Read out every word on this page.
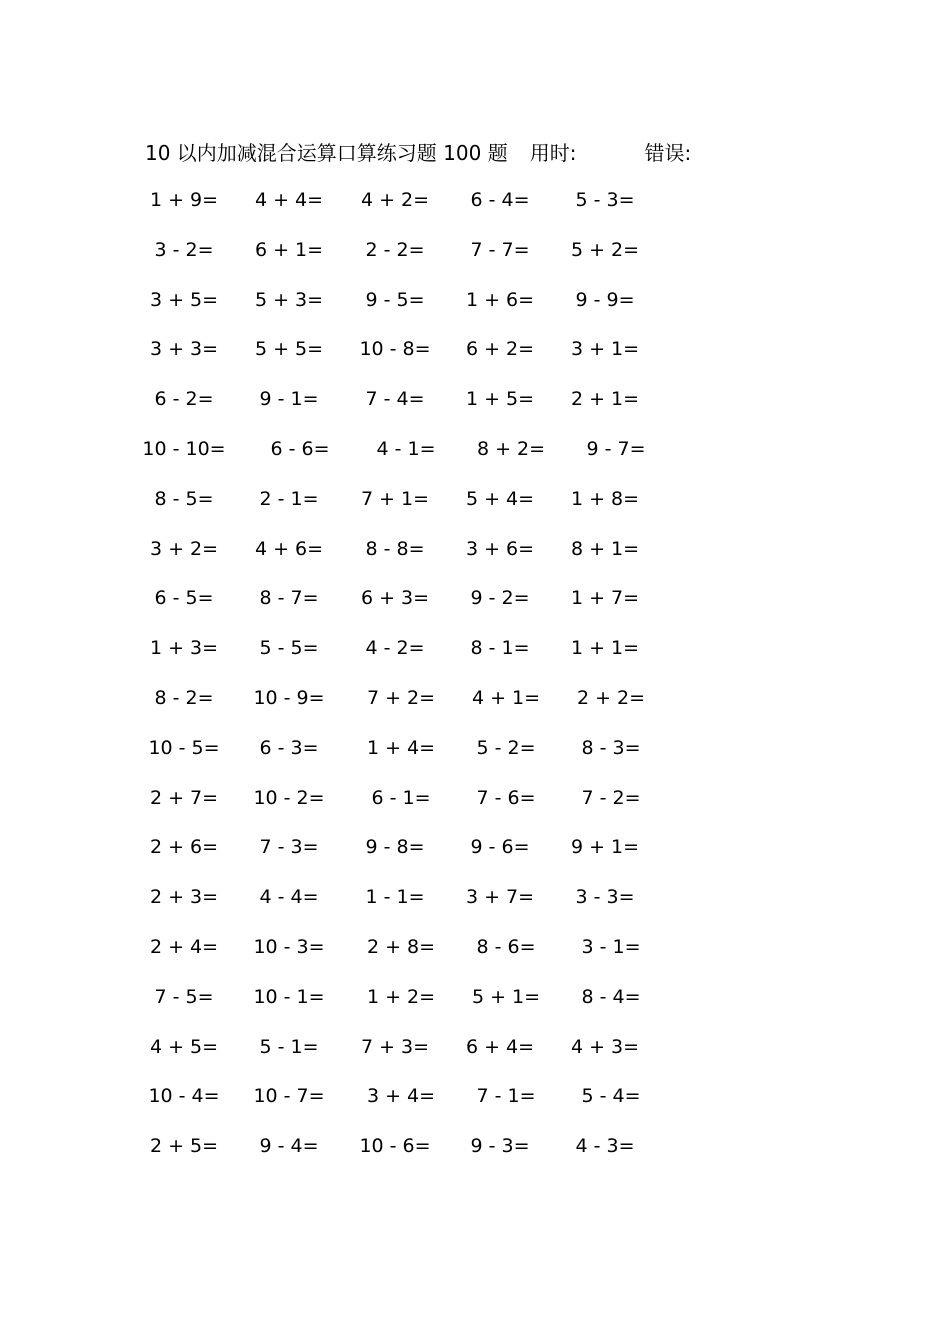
10 以内加减混合运算口算练习题 100 题 用时:	错误:
1 + 9= 4 + 4= 4 + 2= 6 - 4= 5 - 3=
3 - 2= 6 + 1= 2 - 2= 7 - 7= 5 + 2=
3 + 5= 5 + 3= 9 - 5= 1 + 6= 9 - 9=
3 + 3= 5 + 5= 10 - 8= 6 + 2= 3 + 1=
6 - 2= 9 - 1= 7 - 4= 1 + 5= 2 + 1=
10 - 10= 6 - 6= 4 - 1= 8 + 2= 9 - 7=
8 - 5= 2 - 1= 7 + 1= 5 + 4= 1 + 8=
3 + 2= 4 + 6= 8 - 8= 3 + 6= 8 + 1=
6 - 5= 8 - 7= 6 + 3= 9 - 2= 1 + 7=
1 + 3= 5 - 5= 4 - 2= 8 - 1= 1 + 1=
8 - 2= 10 - 9= 7 + 2= 4 + 1= 2 + 2=
10 - 5= 6 - 3=	1 + 4= 5 - 2= 8 - 3=
2 + 7= 10 - 2= 6 - 1= 7 - 6= 7 - 2=
2 + 6= 7 - 3= 9 - 8= 9 - 6= 9 + 1=
2 + 3= 4 - 4= 1 - 1= 3 + 7= 3 - 3=
2 + 4= 10 - 3= 2 + 8= 8 - 6= 3 - 1=
7 - 5= 10 - 1= 1 + 2= 5 + 1= 8 - 4=
4 + 5= 5 - 1= 7 + 3= 6 + 4= 4 + 3=
10 - 4= 10 - 7= 3 + 4= 7 - 1= 5 - 4=
2 + 5= 9 - 4= 10 - 6= 9 - 3= 4 - 3=
